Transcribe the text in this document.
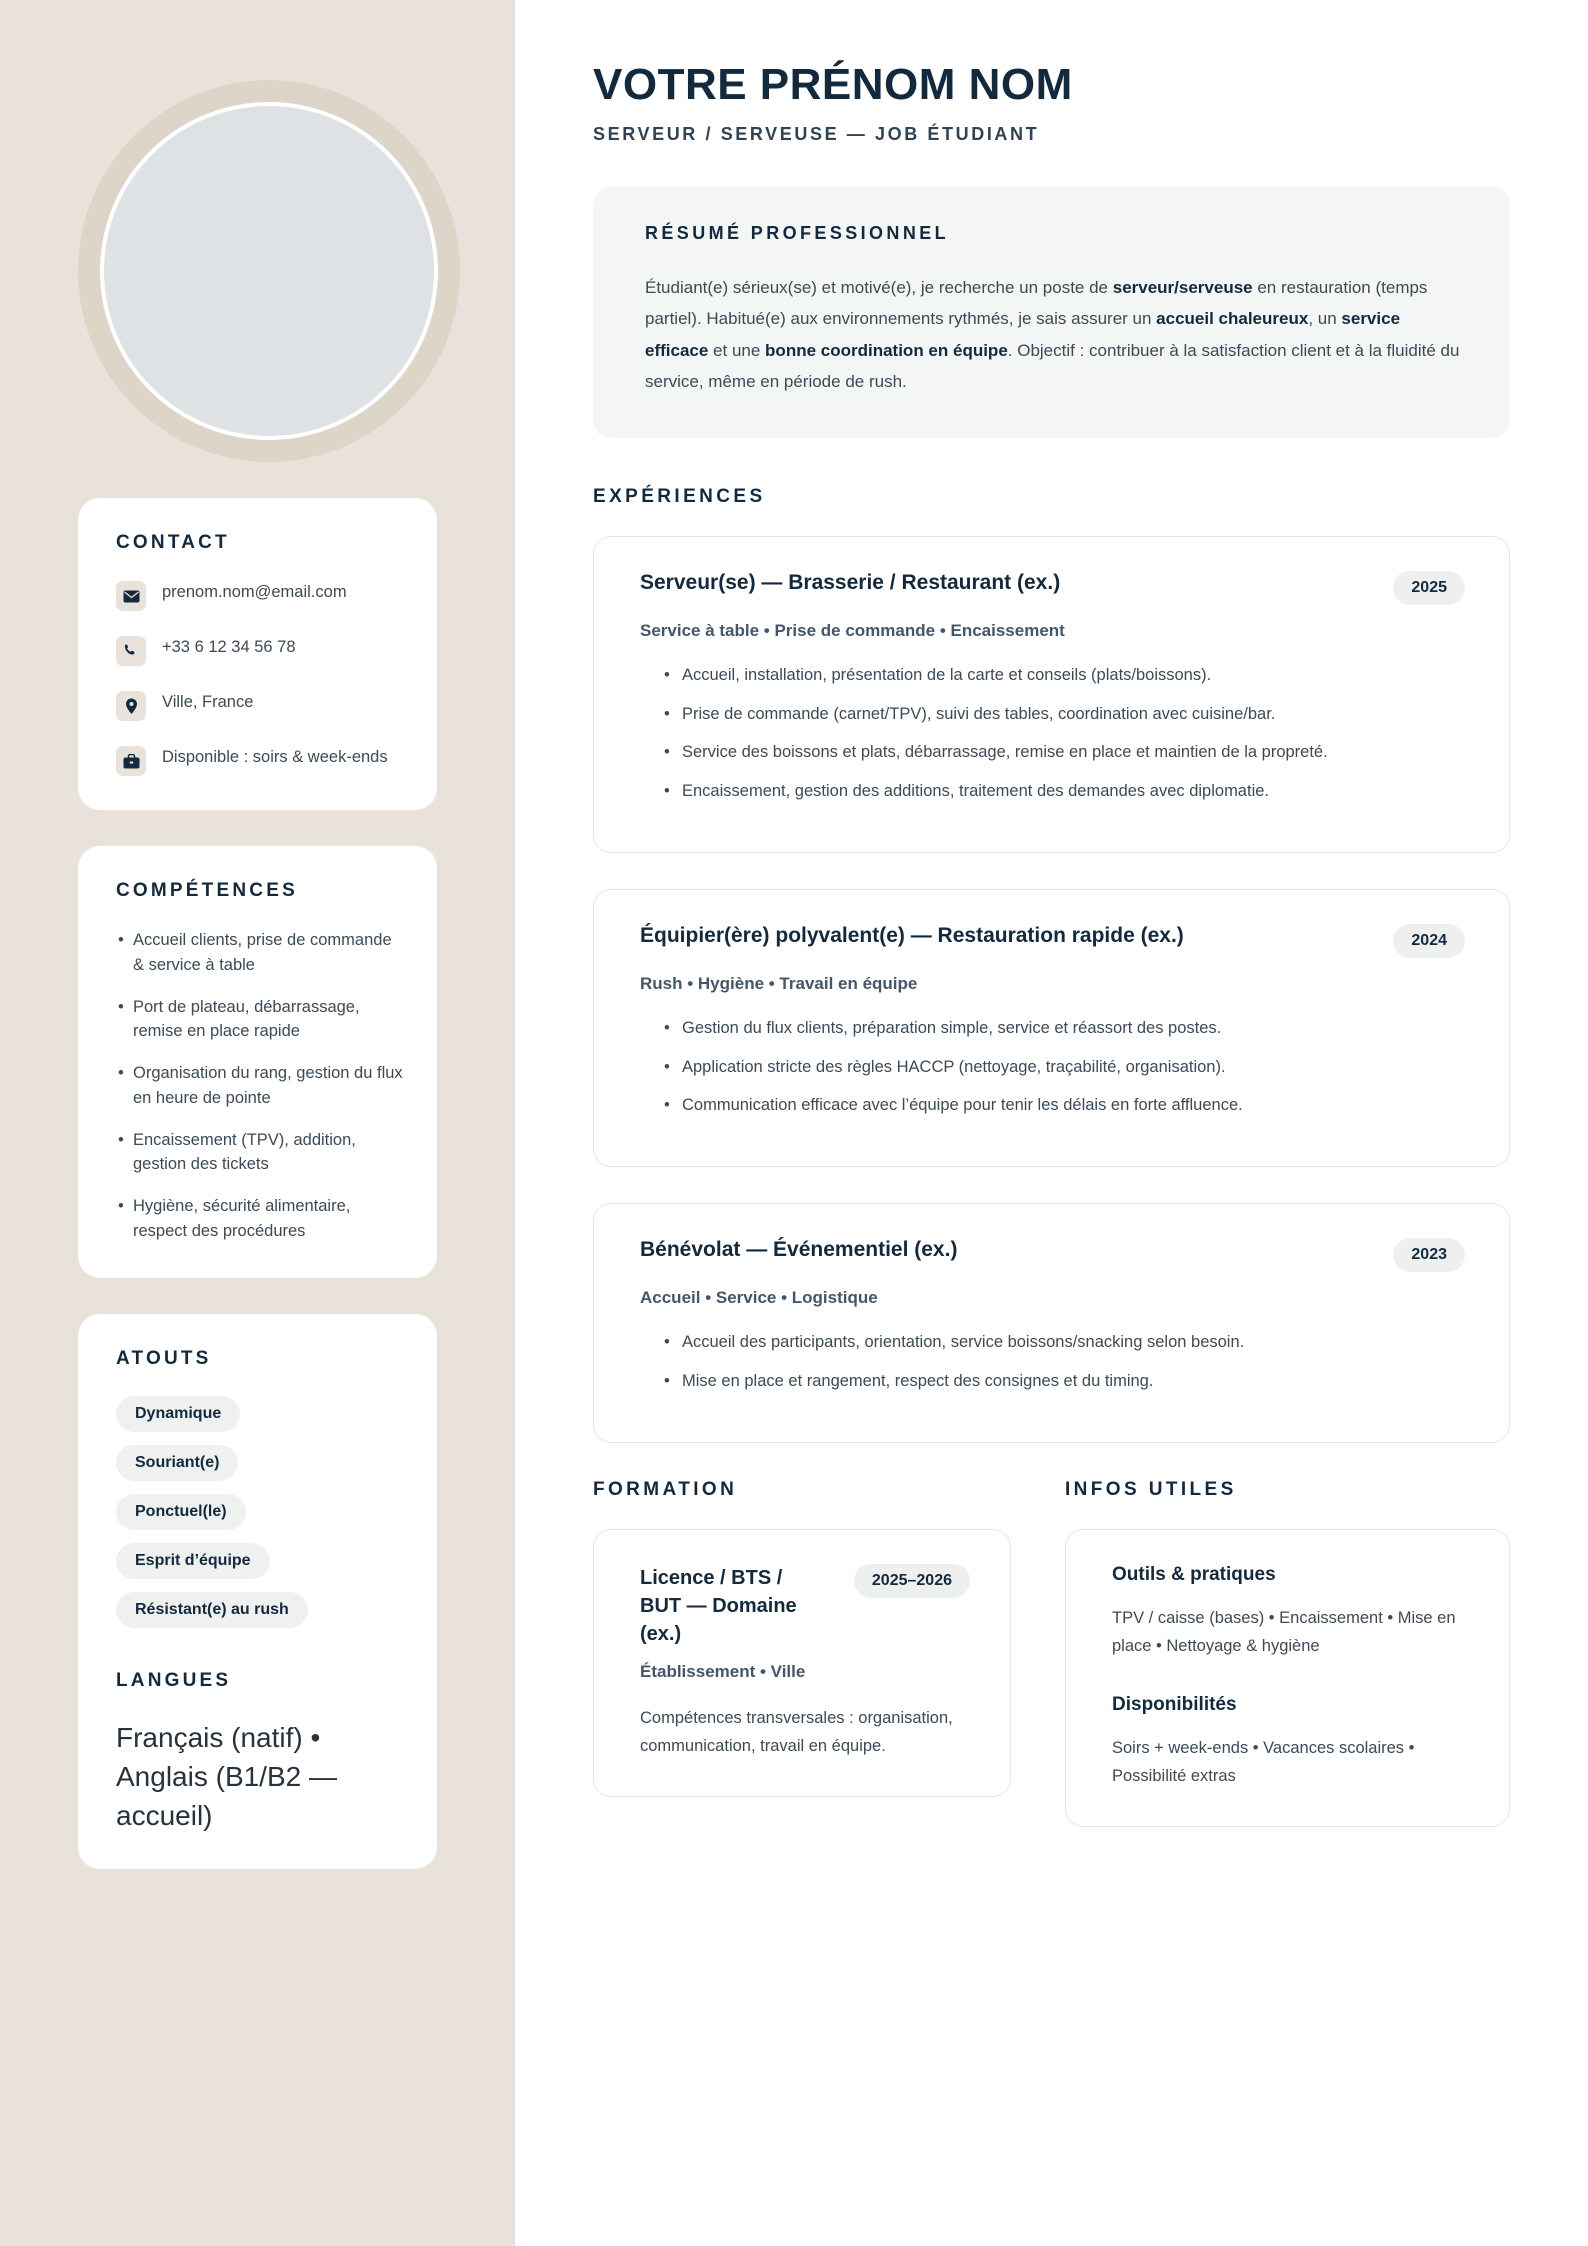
CONTACT
prenom.nom@email.com
+33 6 12 34 56 78
Ville, France
Disponible : soirs & week-ends
COMPÉTENCES
• Accueil clients, prise de commande & service à table
• Port de plateau, débarrassage, remise en place rapide
• Organisation du rang, gestion du flux en heure de pointe
• Encaissement (TPV), addition, gestion des tickets
• Hygiène, sécurité alimentaire, respect des procédures
ATOUTS
Dynamique
Souriant(e)
Ponctuel(le)
Esprit d’équipe
Résistant(e) au rush
LANGUES
Français (natif) • Anglais (B1/B2 — accueil)
VOTRE PRÉNOM NOM
SERVEUR / SERVEUSE — JOB ÉTUDIANT
RÉSUMÉ PROFESSIONNEL

Étudiant(e) sérieux(se) et motivé(e), je recherche un poste de serveur/serveuse en restauration (temps partiel). Habitué(e) aux environnements rythmés, je sais assurer un accueil chaleureux, un service efficace et une bonne coordination en équipe. Objectif : contribuer à la satisfaction client et à la fluidité du service, même en période de rush.

EXPÉRIENCES
Serveur(se) — Brasserie / Restaurant (ex.)	2025
Service à table • Prise de commande • Encaissement
• Accueil, installation, présentation de la carte et conseils (plats/boissons).
• Prise de commande (carnet/TPV), suivi des tables, coordination avec cuisine/bar.
• Service des boissons et plats, débarrassage, remise en place et maintien de la propreté.
• Encaissement, gestion des additions, traitement des demandes avec diplomatie.
Équipier(ère) polyvalent(e) — Restauration rapide (ex.)	2024
Rush • Hygiène • Travail en équipe
• Gestion du flux clients, préparation simple, service et réassort des postes.
• Application stricte des règles HACCP (nettoyage, traçabilité, organisation).
• Communication efficace avec l’équipe pour tenir les délais en forte affluence.
Bénévolat — Événementiel (ex.)	2023
Accueil • Service • Logistique
• Accueil des participants, orientation, service boissons/snacking selon besoin.
• Mise en place et rangement, respect des consignes et du timing.
FORMATION
Licence / BTS / BUT — Domaine (ex.)
2025–2026
Établissement • Ville
Compétences transversales : organisation, communication, travail en équipe.
INFOS UTILES
Outils & pratiques
TPV / caisse (bases) • Encaissement • Mise en place • Nettoyage & hygiène
Disponibilités
Soirs + week-ends • Vacances scolaires • Possibilité extras
